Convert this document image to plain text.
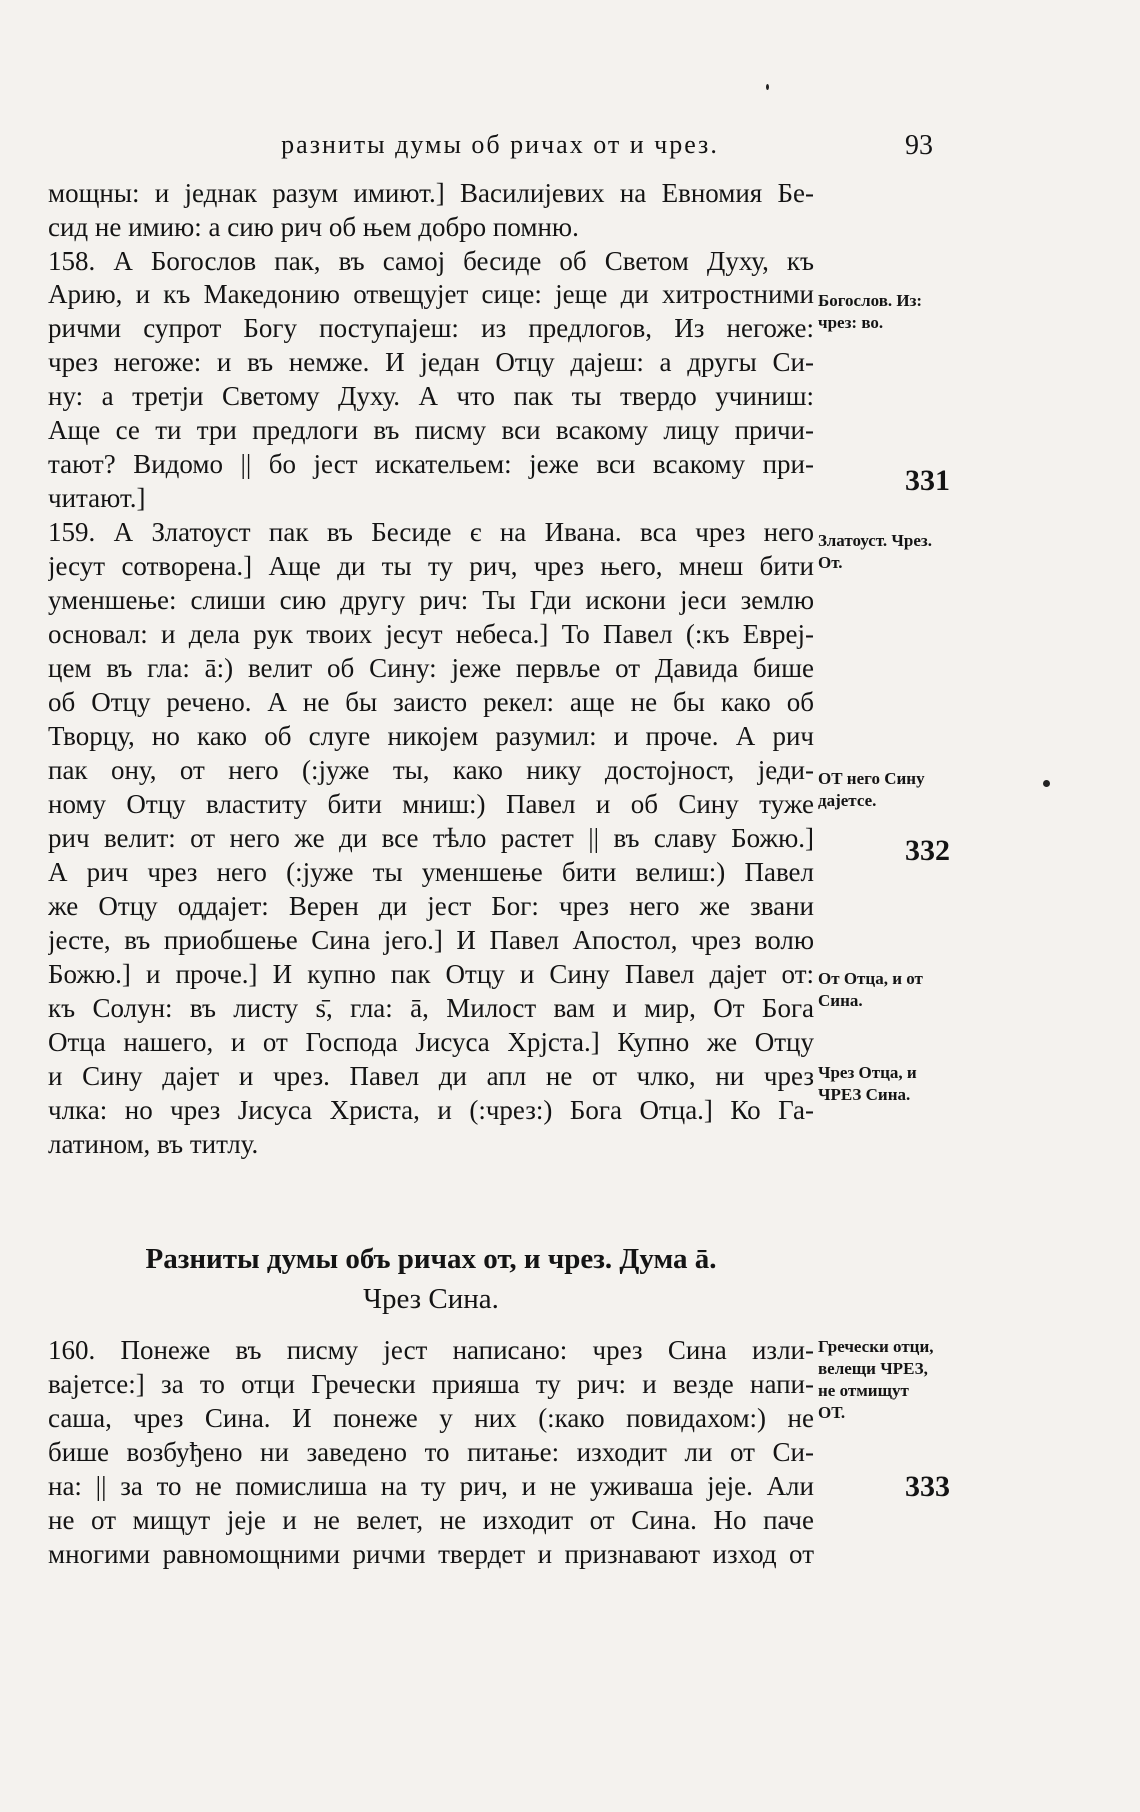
разниты думы об ричах от и чрез.	93
мощны: и једнак разум имиют.] Василијевих на Евномия Бе-
сид не имию: а сию рич об њем добро помню.
158. А Богослов пак, въ самој бесиде об Светом Духу, къ
Арию, и къ Македонию отвещујет сице: јеще ди хитростними
ричми супрот Богу поступајеш: из предлогов, Из негоже:
чрез негоже: и въ немже. И један Отцу дајеш: а другы Си-
ну: а третји Светому Духу. А что пак ты твердо учиниш:
Аще се ти три предлоги въ писму вси всакому лицу причи-
тают? Видомо || бо јест искательем: јеже вси всакому при-
читают.]
159. А Златоуст пак въ Бесиде є на Ивана. вса чрез него
јесут сотворена.] Аще ди ты ту рич, чрез њего, мнеш бити
уменшење: слиши сию другу рич: Ты Гди искони јеси землю
основал: и дела рук твоих јесут небеса.] То Павел (:къ Евреј-
цем въ гла: ā:) велит об Сину: јеже первље от Давида бише
об Отцу речено. А не бы заисто рекел: аще не бы како об
Творцу, но како об слуге никојем разумил: и проче. А рич
пак ону, от него (:јуже ты, како нику достојност, једи-
ному Отцу властиту бити мниш:) Павел и об Сину туже
рич велит: от него же ди все тѣло растет || въ славу Божю.]
А рич чрез него (:јуже ты уменшење бити велиш:) Павел
же Отцу оддајет: Верен ди јест Бог: чрез него же звани
јесте, въ приобшење Сина јего.] И Павел Апостол, чрез волю
Божю.] и проче.] И купно пак Отцу и Сину Павел дајет от:
къ Солун: въ листу ѕ̄, гла: ā, Милост вам и мир, От Бога
Отца нашего, и от Господа Јисуса Хрјста.] Купно же Отцу
и Сину дајет и чрез. Павел ди апл не от члко, ни чрез
члка: но чрез Јисуса Христа, и (:чрез:) Бога Отца.] Ко Га-
латином, въ титлу.
Разниты думы объ ричах от, и чрез. Дума ā.
Чрез Сина.
160. Понеже въ писму јест написано: чрез Сина изли-
вајетсе:] за то отци Гречески прияша ту рич: и везде напи-
саша, чрез Сина. И понеже у них (:како повидахом:) не
бише возбуђено ни заведено то питање: изходит ли от Си-
на: || за то не помислиша на ту рич, и не уживаша јеје. Али
не от мищут јеје и не велет, не изходит от Сина. Но паче
многими равномощними ричми твердет и признавают изход от
Богослов. Из: чрез: во.
Златоуст. Чрез. От.
ОТ него Сину дајетсе.
От Отца, и от Сина.
Чрез Отца, и ЧРЕЗ Сина.
Гречески отци, велещи ЧРЕЗ, не отмищут ОТ.
331
332
333
